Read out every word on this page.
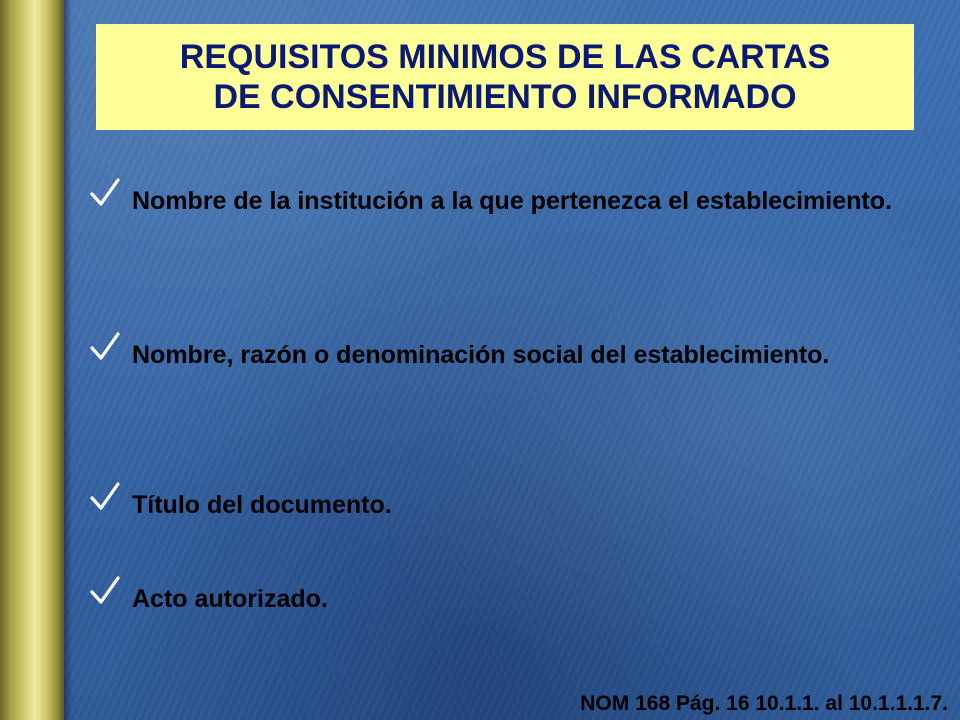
REQUISITOS MINIMOS DE LAS CARTAS
DE CONSENTIMIENTO INFORMADO
Nombre de la institución a la que pertenezca el establecimiento.
Nombre, razón o denominación social del establecimiento.
Título del documento.
Acto autorizado.
NOM 168 Pág. 16 10.1.1. al 10.1.1.1.7.
